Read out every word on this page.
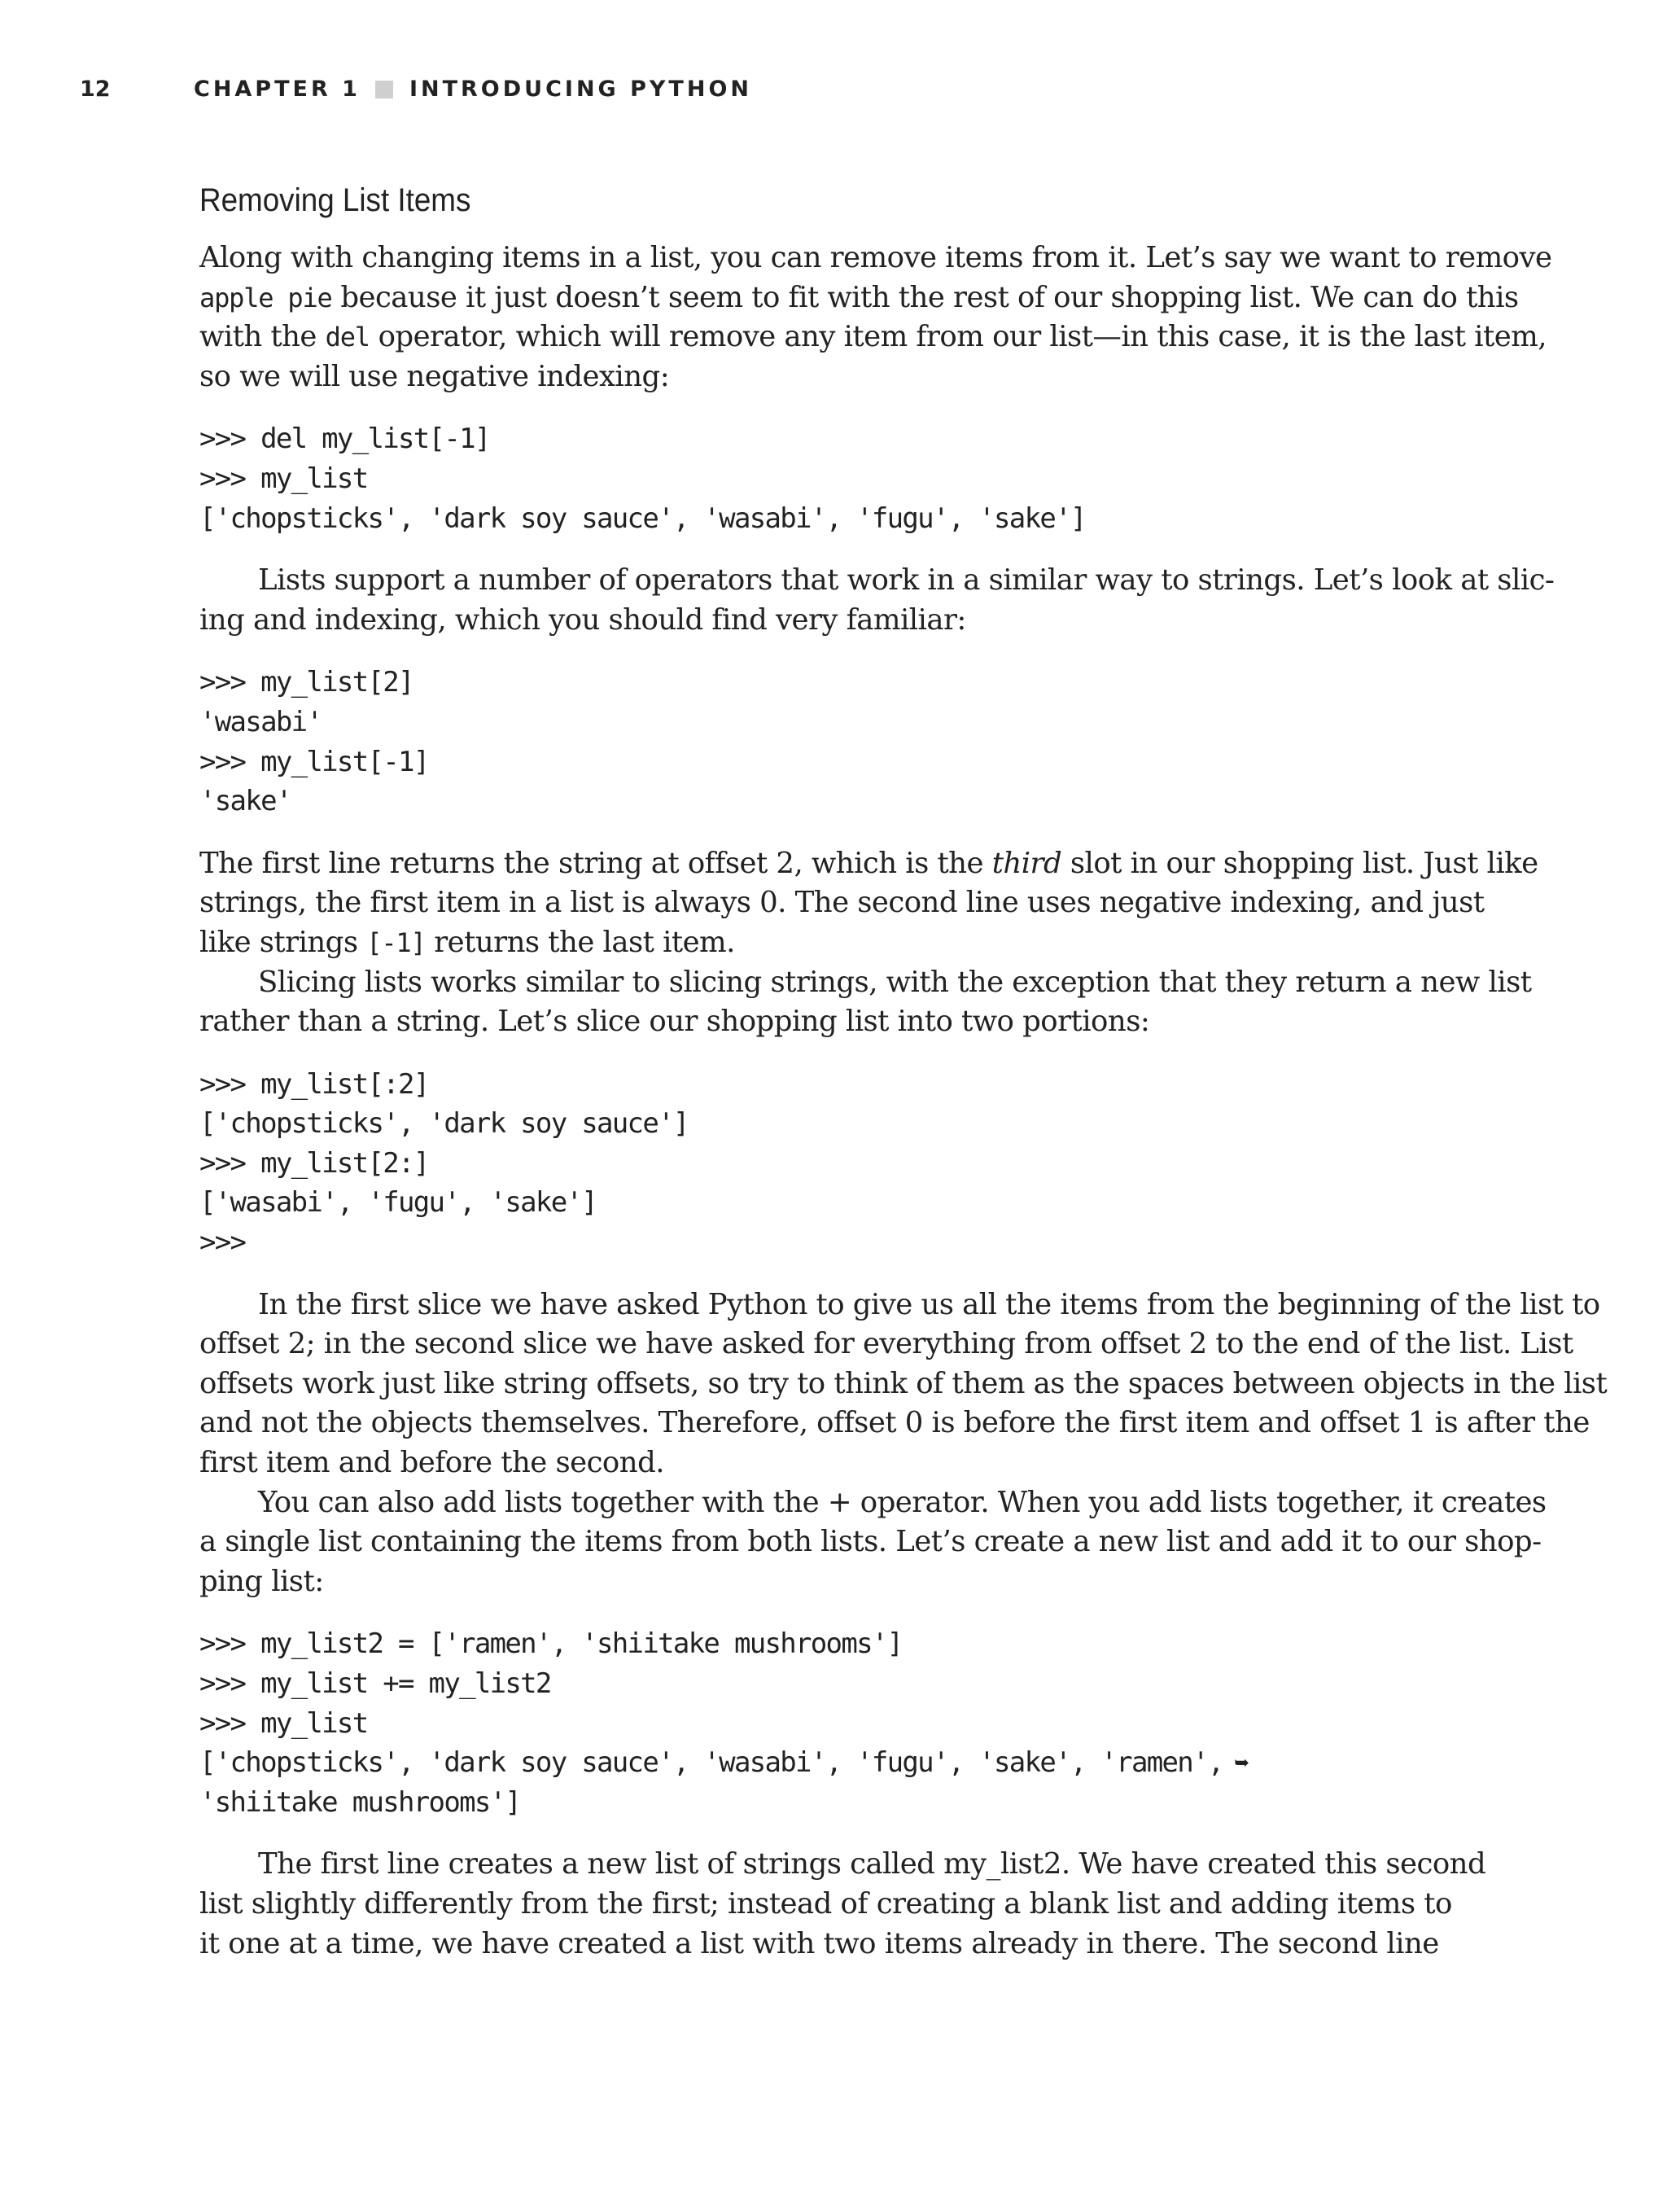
12	CHAPTER 1 INTRODUCING PYTHON
Removing List Items

Along with changing items in a list, you can remove items from it. Let’s say we want to remove

apple pie because it just doesn’t seem to fit with the rest of our shopping list. We can do this

with the del operator, which will remove any item from our list—in this case, it is the last item,

so we will use negative indexing:

>>> del my_list[-1]
>>> my_list
['chopsticks', 'dark soy sauce', 'wasabi', 'fugu', 'sake']

Lists support a number of operators that work in a similar way to strings. Let’s look at slic-

ing and indexing, which you should find very familiar:

>>> my_list[2]
'wasabi'
>>> my_list[-1]
'sake'

The first line returns the string at offset 2, which is the third slot in our shopping list. Just like

strings, the first item in a list is always 0. The second line uses negative indexing, and just

like strings [-1] returns the last item.

Slicing lists works similar to slicing strings, with the exception that they return a new list

rather than a string. Let’s slice our shopping list into two portions:

>>> my_list[:2]
['chopsticks', 'dark soy sauce']
>>> my_list[2:]
['wasabi', 'fugu', 'sake']
>>>

In the first slice we have asked Python to give us all the items from the beginning of the list to

offset 2; in the second slice we have asked for everything from offset 2 to the end of the list. List

offsets work just like string offsets, so try to think of them as the spaces between objects in the list

and not the objects themselves. Therefore, offset 0 is before the first item and offset 1 is after the

first item and before the second.

You can also add lists together with the + operator. When you add lists together, it creates

a single list containing the items from both lists. Let’s create a new list and add it to our shop-

ping list:

>>> my_list2 = ['ramen', 'shiitake mushrooms']
>>> my_list += my_list2
>>> my_list
['chopsticks', 'dark soy sauce', 'wasabi', 'fugu', 'sake', 'ramen', ➥
'shiitake mushrooms']

The first line creates a new list of strings called my_list2. We have created this second

list slightly differently from the first; instead of creating a blank list and adding items to

it one at a time, we have created a list with two items already in there. The second line
